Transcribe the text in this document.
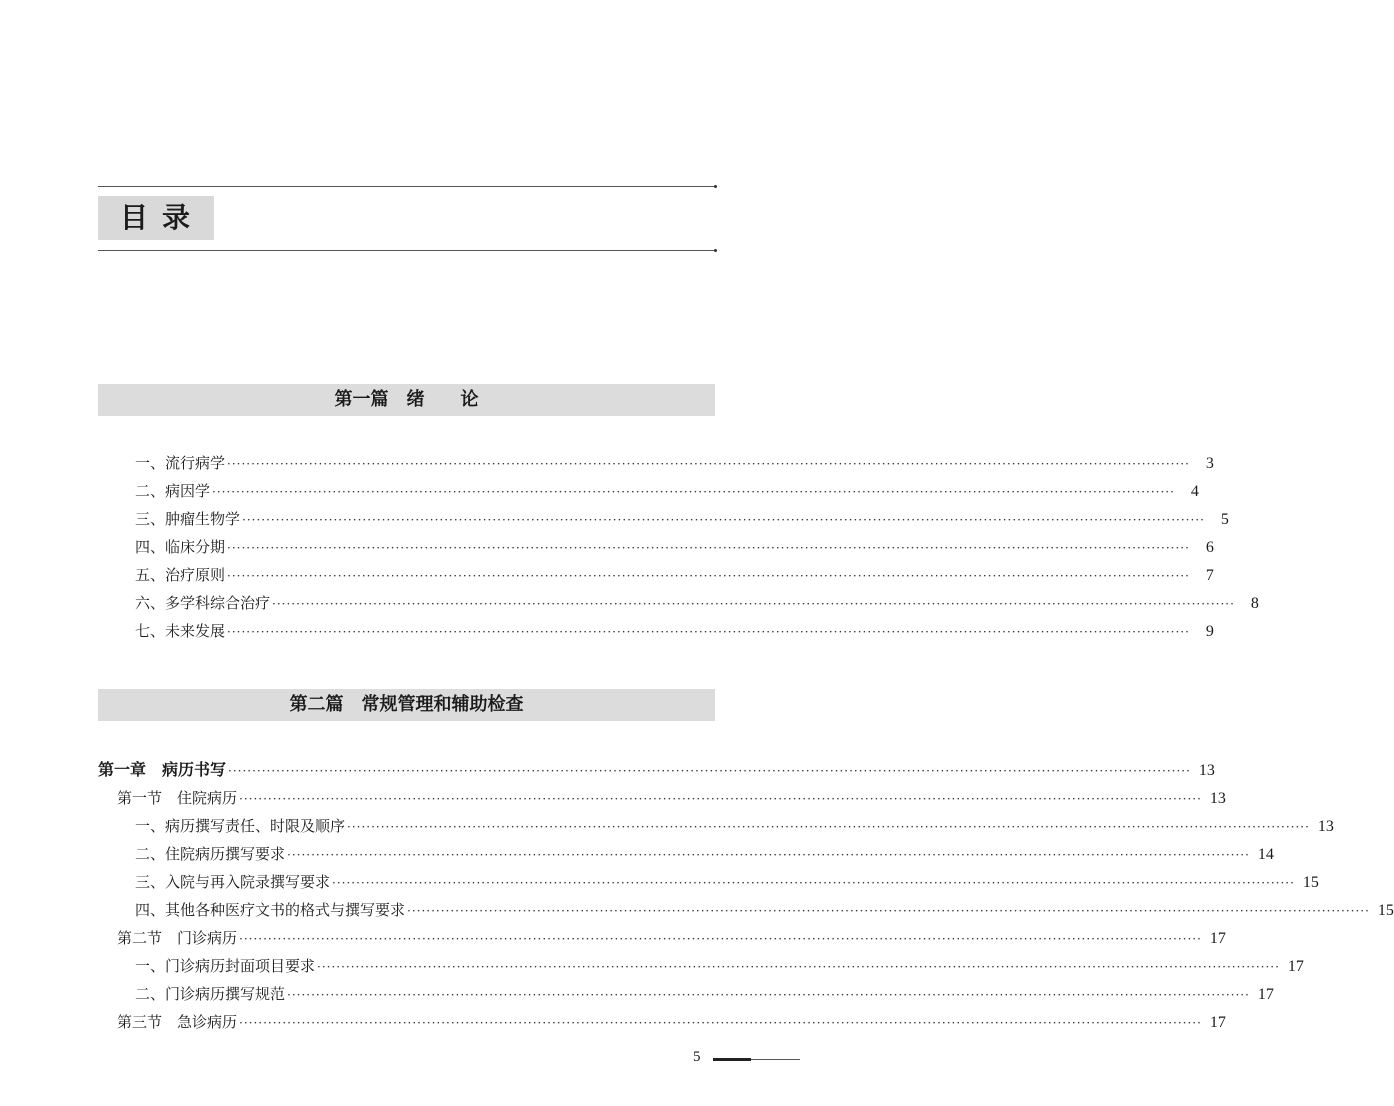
目录
第一篇　绪　　论
一、流行病学 ········································································································································································································	3
二、病因学 ········································································································································································································	4
三、肿瘤生物学 ········································································································································································································	5
四、临床分期 ········································································································································································································	6
五、治疗原则 ········································································································································································································	7
六、多学科综合治疗 ········································································································································································································	8
七、未来发展 ········································································································································································································	9
第二篇　常规管理和辅助检查
第一章　病历书写 ········································································································································································································ 13
第一节　住院病历 ········································································································································································································ 13
一、病历撰写责任、时限及顺序 ········································································································································································································ 13
二、住院病历撰写要求 ········································································································································································································ 14
三、入院与再入院录撰写要求 ········································································································································································································ 15
四、其他各种医疗文书的格式与撰写要求 ········································································································································································································ 15
第二节　门诊病历 ········································································································································································································ 17
一、门诊病历封面项目要求 ········································································································································································································ 17
二、门诊病历撰写规范 ········································································································································································································ 17
第三节　急诊病历 ········································································································································································································ 17
5
